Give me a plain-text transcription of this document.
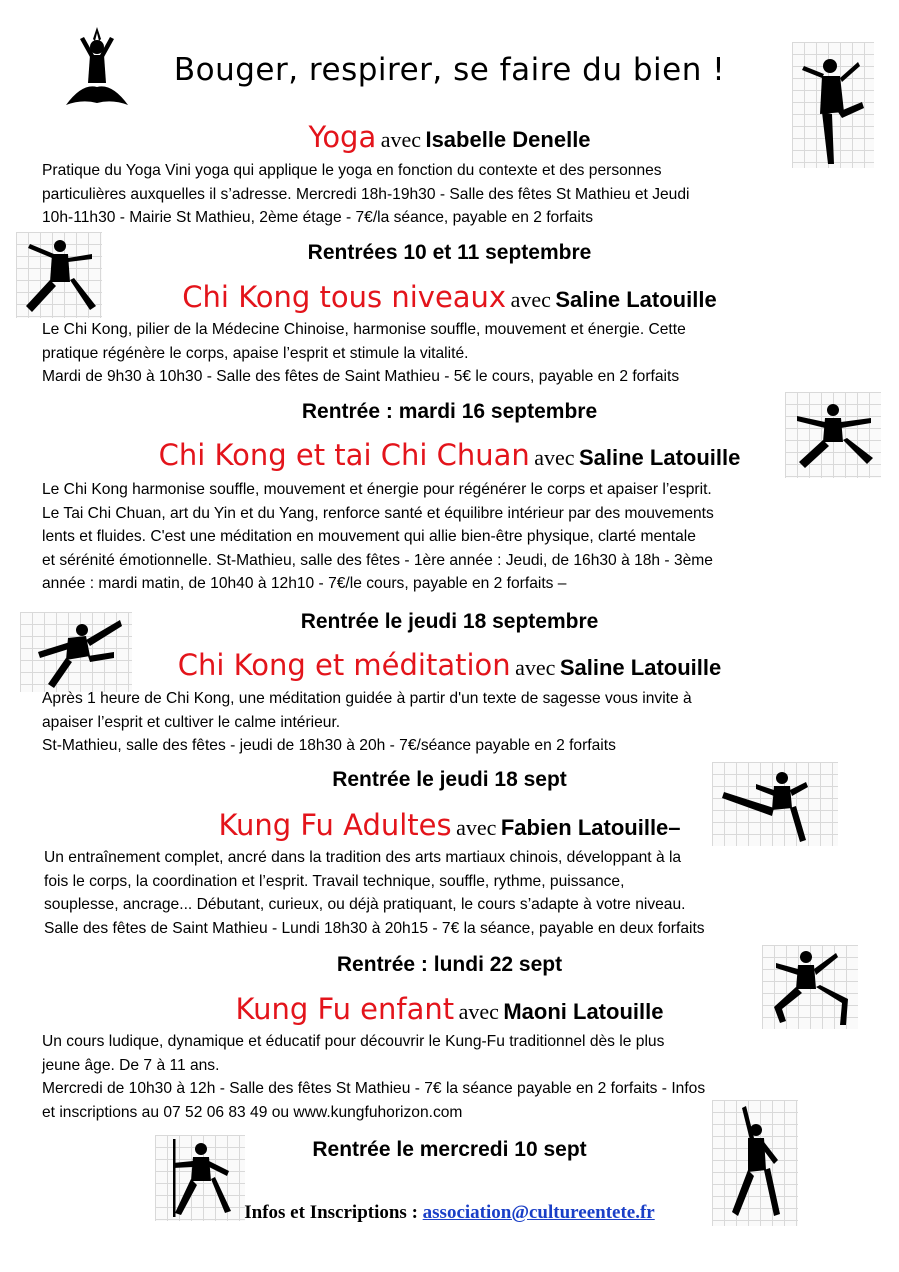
Bouger, respirer, se faire du bien !
Yoga avec Isabelle Denelle
Pratique du Yoga Vini yoga qui applique le yoga en fonction du contexte et des personnes
particulières auxquelles il s’adresse. Mercredi 18h-19h30 - Salle des fêtes St Mathieu et Jeudi
10h-11h30 - Mairie St Mathieu, 2ème étage - 7€/la séance, payable en 2 forfaits
Rentrées 10 et 11 septembre
Chi Kong tous niveaux avec Saline Latouille
Le Chi Kong, pilier de la Médecine Chinoise, harmonise souffle, mouvement et énergie. Cette
pratique régénère le corps, apaise l’esprit et stimule la vitalité.
Mardi de 9h30 à 10h30 - Salle des fêtes de Saint Mathieu - 5€ le cours, payable en 2 forfaits
Rentrée : mardi 16 septembre
Chi Kong et tai Chi Chuan avec Saline Latouille
Le Chi Kong harmonise souffle, mouvement et énergie pour régénérer le corps et apaiser l’esprit.
Le Tai Chi Chuan, art du Yin et du Yang, renforce santé et équilibre intérieur par des mouvements
lents et fluides. C'est une méditation en mouvement qui allie bien-être physique, clarté mentale
et sérénité émotionnelle. St-Mathieu, salle des fêtes - 1ère année : Jeudi, de 16h30 à 18h - 3ème
année : mardi matin, de 10h40 à 12h10 - 7€/le cours, payable en 2 forfaits –
Rentrée le jeudi 18 septembre
Chi Kong et méditation avec Saline Latouille
Après 1 heure de Chi Kong, une méditation guidée à partir d'un texte de sagesse vous invite à
apaiser l’esprit et cultiver le calme intérieur.
St-Mathieu, salle des fêtes - jeudi de 18h30 à 20h - 7€/séance payable en 2 forfaits
Rentrée le jeudi 18 sept
Kung Fu Adultes avec Fabien Latouille–
Un entraînement complet, ancré dans la tradition des arts martiaux chinois, développant à la
fois le corps, la coordination et l’esprit. Travail technique, souffle, rythme, puissance,
souplesse, ancrage... Débutant, curieux, ou déjà pratiquant, le cours s’adapte à votre niveau.
Salle des fêtes de Saint Mathieu - Lundi 18h30 à 20h15 - 7€ la séance, payable en deux forfaits
Rentrée : lundi 22 sept
Kung Fu enfant avec Maoni Latouille
Un cours ludique, dynamique et éducatif pour découvrir le Kung-Fu traditionnel dès le plus
jeune âge. De 7 à 11 ans.
Mercredi de 10h30 à 12h - Salle des fêtes St Mathieu - 7€ la séance payable en 2 forfaits - Infos
et inscriptions au 07 52 06 83 49 ou www.kungfuhorizon.com
Rentrée le mercredi 10 sept
Infos et Inscriptions : association@cultureentete.fr
